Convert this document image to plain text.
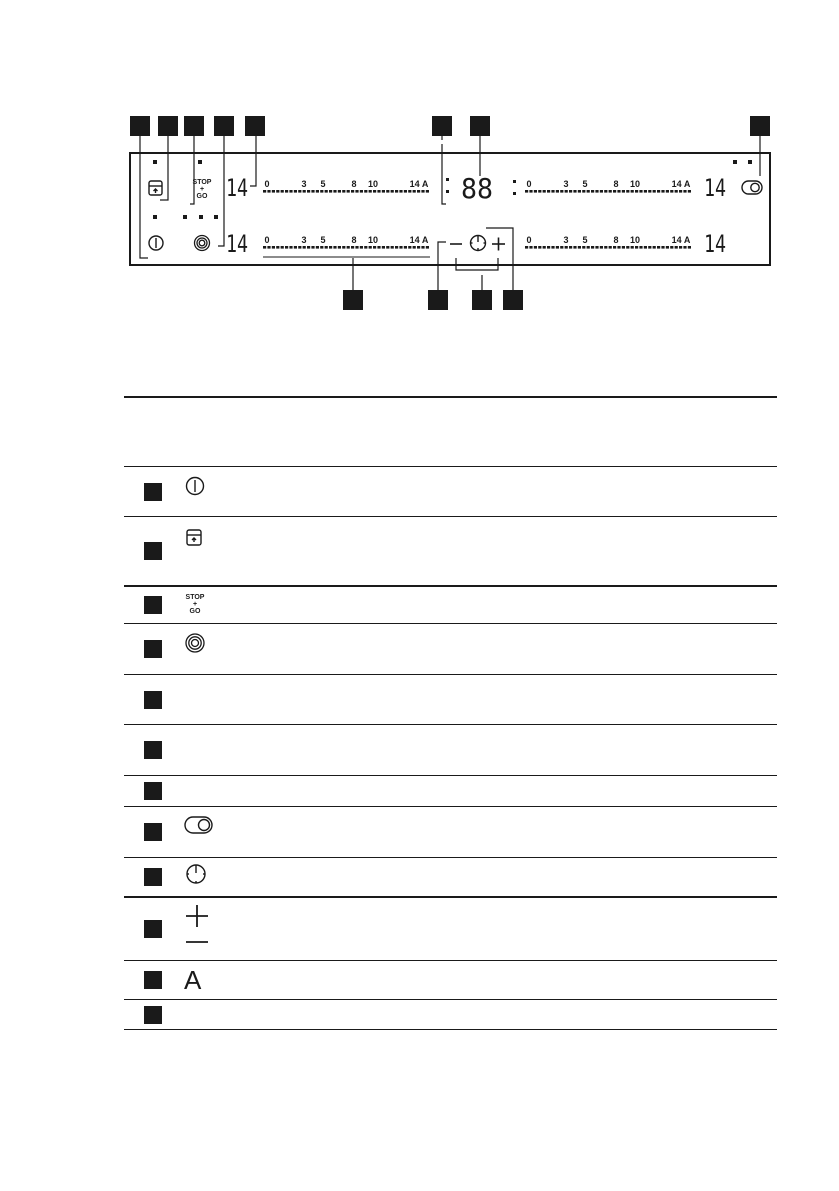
STOP
+
GO 14
14
14
14
88
0	3 5	8 10	14 A
0	3 5	8 10	14 A
0	3 5	8 10	14 A
0	3 5	8 10	14 A

	STOP
+
GO	

	A	
